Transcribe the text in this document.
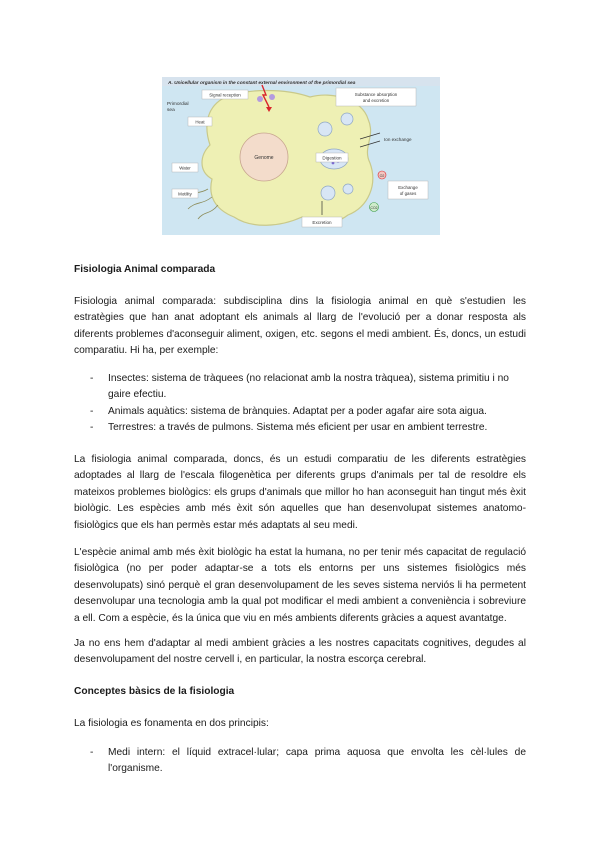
A. Unicellular organism in the constant external environment of the primordial sea
Genome
O2
CO2
Signal reception
Primordial
sea
Heat
Water
Motility
Digestion
Excretion
Substance absorption
and excretion
Ion exchange
Exchange
of gases
Fisiologia Animal comparada
Fisiologia animal comparada: subdisciplina dins la fisiologia animal en què s'estudien les estratègies que han anat adoptant els animals al llarg de l'evolució per a donar resposta als diferents problemes d'aconseguir aliment, oxigen, etc. segons el medi ambient. És, doncs, un estudi comparatiu. Hi ha, per exemple:
- Insectes: sistema de tràquees (no relacionat amb la nostra tràquea), sistema primitiu i no gaire efectiu.
- Animals aquàtics: sistema de brànquies. Adaptat per a poder agafar aire sota aigua.
- Terrestres: a través de pulmons. Sistema més eficient per usar en ambient terrestre.
La fisiologia animal comparada, doncs, és un estudi comparatiu de les diferents estratègies adoptades al llarg de l'escala filogenètica per diferents grups d'animals per tal de resoldre els mateixos problemes biològics: els grups d'animals que millor ho han aconseguit han tingut més èxit biològic. Les espècies amb més èxit són aquelles que han desenvolupat sistemes anatomo-fisiològics que els han permès estar més adaptats al seu medi.
L'espècie animal amb més èxit biològic ha estat la humana, no per tenir més capacitat de regulació fisiològica (no per poder adaptar-se a tots els entorns per uns sistemes fisiològics més desenvolupats) sinó perquè el gran desenvolupament de les seves sistema nerviós li ha permetent desenvolupar una tecnologia amb la qual pot modificar el medi ambient a conveniència i sobreviure a ell. Com a espècie, és la única que viu en més ambients diferents gràcies a aquest avantatge.
Ja no ens hem d'adaptar al medi ambient gràcies a les nostres capacitats cognitives, degudes al desenvolupament del nostre cervell i, en particular, la nostra escorça cerebral.
Conceptes bàsics de la fisiologia
La fisiologia es fonamenta en dos principis:
- Medi intern: el líquid extracel·lular; capa prima aquosa que envolta les cèl·lules de l'organisme.
